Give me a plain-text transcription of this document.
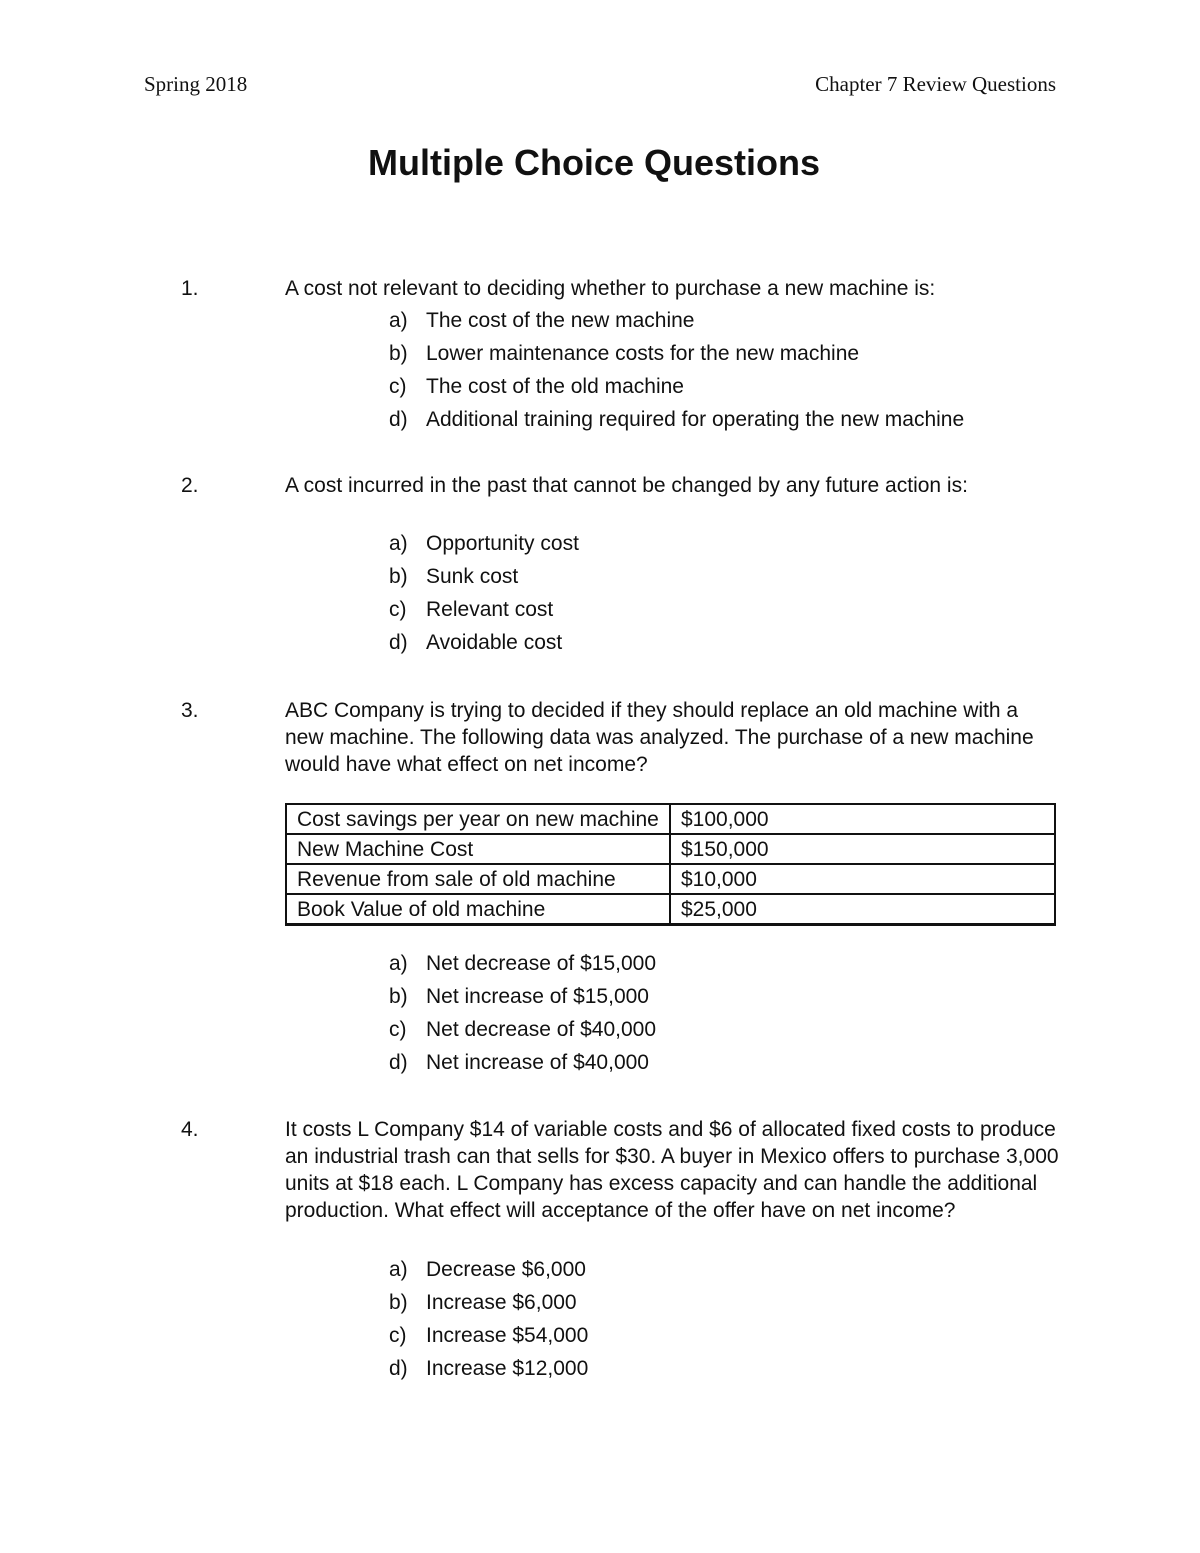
Spring 2018	Chapter 7 Review Questions
Multiple Choice Questions
1.	A cost not relevant to deciding whether to purchase a new machine is:

a) The cost of the new machine
b) Lower maintenance costs for the new machine
c) The cost of the old machine
d) Additional training required for operating the new machine
2.	A cost incurred in the past that cannot be changed by any future action is:

a) Opportunity cost
b) Sunk cost
c) Relevant cost
d) Avoidable cost
3.	ABC Company is trying to decided if they should replace an old machine with a new machine. The following data was analyzed. The purchase of a new machine would have what effect on net income?

a) Net decrease of $15,000
b) Net increase of $15,000
c) Net decrease of $40,000
d) Net increase of $40,000
Cost savings per year on new machine	$100,000
New Machine Cost	$150,000
Revenue from sale of old machine	$10,000
Book Value of old machine	$25,000
4.	It costs L Company $14 of variable costs and $6 of allocated fixed costs to produce an industrial trash can that sells for $30. A buyer in Mexico offers to purchase 3,000 units at $18 each. L Company has excess capacity and can handle the additional production. What effect will acceptance of the offer have on net income?

a) Decrease $6,000
b) Increase $6,000
c) Increase $54,000
d) Increase $12,000
